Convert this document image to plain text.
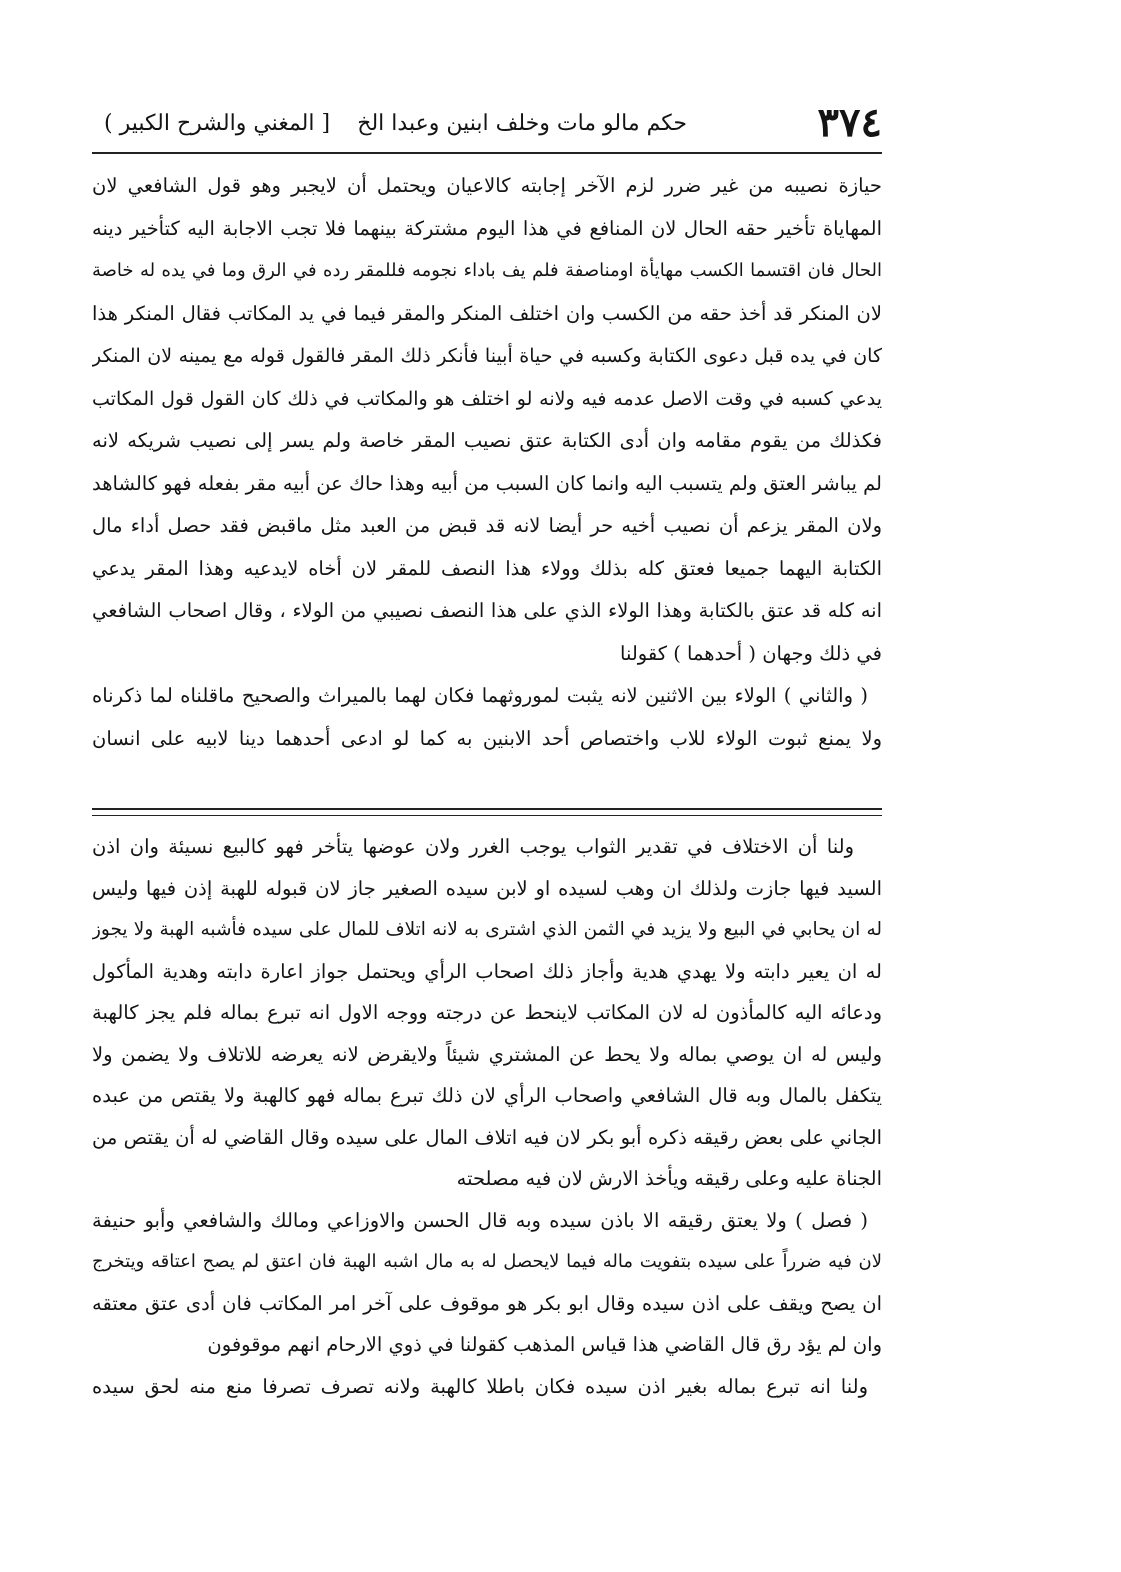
٣٧٤
حكم مالو مات وخلف ابنين وعبدا الخ
[ المغني والشرح الكبير )
حيازة نصيبه من غير ضرر لزم الآخر إجابته كالاعيان ويحتمل أن لايجبر وهو قول الشافعي لان
المهاياة تأخير حقه الحال لان المنافع في هذا اليوم مشتركة بينهما فلا تجب الاجابة اليه كتأخير دينه
الحال فان اقتسما الكسب مهايأة اومناصفة فلم يف باداء نجومه فللمقر رده في الرق وما في يده له خاصة
لان المنكر قد أخذ حقه من الكسب وان اختلف المنكر والمقر فيما في يد المكاتب فقال المنكر هذا
كان في يده قبل دعوى الكتابة وكسبه في حياة أبينا فأنكر ذلك المقر فالقول قوله مع يمينه لان المنكر
يدعي كسبه في وقت الاصل عدمه فيه ولانه لو اختلف هو والمكاتب في ذلك كان القول قول المكاتب
فكذلك من يقوم مقامه وان أدى الكتابة عتق نصيب المقر خاصة ولم يسر إلى نصيب شريكه لانه
لم يباشر العتق ولم يتسبب اليه وانما كان السبب من أبيه وهذا حاك عن أبيه مقر بفعله فهو كالشاهد
ولان المقر يزعم أن نصيب أخيه حر أيضا لانه قد قبض من العبد مثل ماقبض فقد حصل أداء مال
الكتابة اليهما جميعا فعتق كله بذلك وولاء هذا النصف للمقر لان أخاه لايدعيه وهذا المقر يدعي
انه كله قد عتق بالكتابة وهذا الولاء الذي على هذا النصف نصيبي من الولاء ، وقال اصحاب الشافعي
في ذلك وجهان ( أحدهما ) كقولنا
( والثاني ) الولاء بين الاثنين لانه يثبت لموروثهما فكان لهما بالميراث والصحيح ماقلناه لما ذكرناه
ولا يمنع ثبوت الولاء للاب واختصاص أحد الابنين به كما لو ادعى أحدهما دينا لابيه على انسان
ولنا أن الاختلاف في تقدير الثواب يوجب الغرر ولان عوضها يتأخر فهو كالبيع نسيئة وان اذن
السيد فيها جازت ولذلك ان وهب لسيده او لابن سيده الصغير جاز لان قبوله للهبة إذن فيها وليس
له ان يحابي في البيع ولا يزيد في الثمن الذي اشترى به لانه اتلاف للمال على سيده فأشبه الهبة ولا يجوز
له ان يعير دابته ولا يهدي هدية وأجاز ذلك اصحاب الرأي ويحتمل جواز اعارة دابته وهدية المأكول
ودعائه اليه كالمأذون له لان المكاتب لاينحط عن درجته ووجه الاول انه تبرع بماله فلم يجز كالهبة
وليس له ان يوصي بماله ولا يحط عن المشتري شيئاً ولايقرض لانه يعرضه للاتلاف ولا يضمن ولا
يتكفل بالمال وبه قال الشافعي واصحاب الرأي لان ذلك تبرع بماله فهو كالهبة ولا يقتص من عبده
الجاني على بعض رقيقه ذكره أبو بكر لان فيه اتلاف المال على سيده وقال القاضي له أن يقتص من
الجناة عليه وعلى رقيقه ويأخذ الارش لان فيه مصلحته
( فصل ) ولا يعتق رقيقه الا باذن سيده وبه قال الحسن والاوزاعي ومالك والشافعي وأبو حنيفة
لان فيه ضرراً على سيده بتفويت ماله فيما لايحصل له به مال اشبه الهبة فان اعتق لم يصح اعتاقه ويتخرج
ان يصح ويقف على اذن سيده وقال ابو بكر هو موقوف على آخر امر المكاتب فان أدى عتق معتقه
وان لم يؤد رق قال القاضي هذا قياس المذهب كقولنا في ذوي الارحام انهم موقوفون
ولنا انه تبرع بماله بغير اذن سيده فكان باطلا كالهبة ولانه تصرف تصرفا منع منه لحق سيده
